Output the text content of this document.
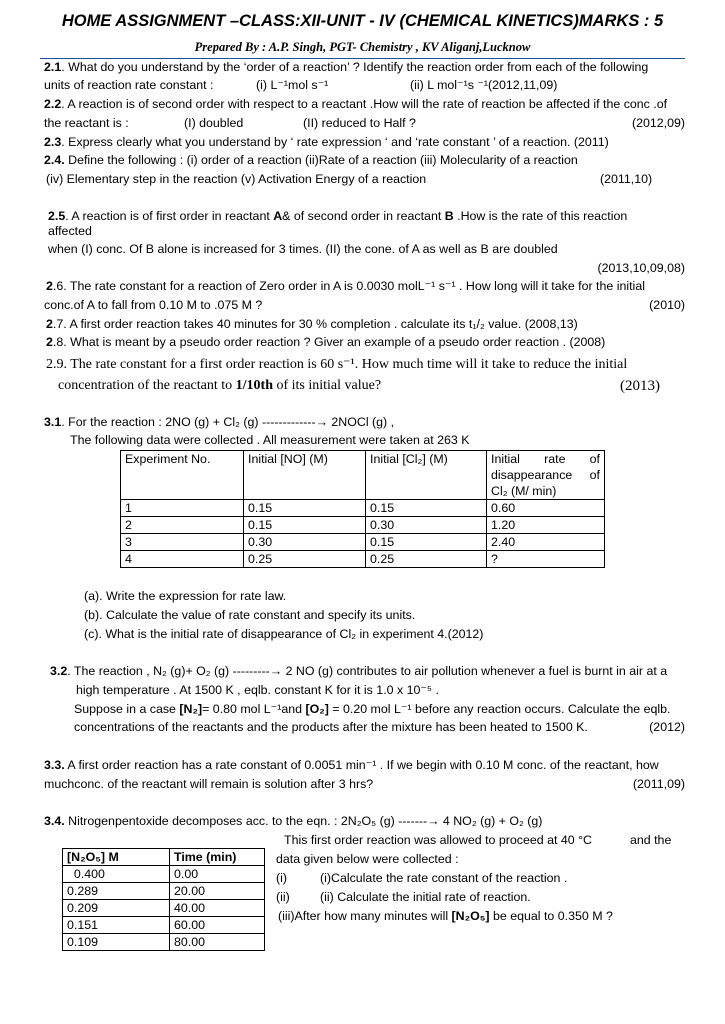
HOME ASSIGNMENT –CLASS:XII-UNIT - IV (CHEMICAL KINETICS)MARKS : 5
Prepared By : A.P. Singh, PGT- Chemistry , KV Aliganj,Lucknow
2.1. What do you understand by the ‘order of a reaction’ ? Identify the reaction order from each of the following
units of reaction rate constant :	(i) L⁻¹mol s⁻¹	(ii) L mol⁻¹s ⁻¹(2012,11,09)
2.2. A reaction is of second order with respect to a reactant .How will the rate of reaction be affected if the conc .of
the reactant is :	(I) doubled	(II) reduced to Half ?	(2012,09)
2.3. Express clearly what you understand by ‘ rate expression ‘ and ‘rate constant ’ of a reaction. (2011)
2.4. Define the following : (i) order of a reaction (ii)Rate of a reaction (iii) Molecularity of a reaction
(iv) Elementary step in the reaction (v) Activation Energy of a reaction	(2011,10)
2.5. A reaction is of first order in reactant A& of second order in reactant B .How is the rate of this reaction
affected
when (I) conc. Of B alone is increased for 3 times. (II) the cone. of A as well as B are doubled
(2013,10,09,08)
2.6. The rate constant for a reaction of Zero order in A is 0.0030 molL⁻¹ s⁻¹ . How long will it take for the initial
conc.of A to fall from 0.10 M to .075 M ?	(2010)
2.7. A first order reaction takes 40 minutes for 30 % completion . calculate its t₁/₂ value. (2008,13)
2.8. What is meant by a pseudo order reaction ? Giver an example of a pseudo order reaction . (2008)
2.9. The rate constant for a first order reaction is 60 s⁻¹. How much time will it take to reduce the initial
concentration of the reactant to 1/10th of its initial value?	(2013)
3.1. For the reaction : 2NO (g) + Cl₂ (g) -------------→ 2NOCl (g) ,
The following data were collected . All measurement were taken at 263 K
Experiment No.	Initial [NO] (M)	Initial [Cl₂] (M)	Initial rate of disappearance of Cl₂ (M/ min)
1	0.15	0.15	0.60
2	0.15	0.30	1.20
3	0.30	0.15	2.40
4	0.25	0.25	?
(a). Write the expression for rate law.
(b). Calculate the value of rate constant and specify its units.
(c). What is the initial rate of disappearance of Cl₂ in experiment 4.(2012)
3.2. The reaction , N₂ (g)+ O₂ (g) ---------→ 2 NO (g) contributes to air pollution whenever a fuel is burnt in air at a
high temperature . At 1500 K , eqlb. constant K for it is 1.0 x 10⁻⁵ .
Suppose in a case [N₂]= 0.80 mol L⁻¹and [O₂] = 0.20 mol L⁻¹ before any reaction occurs. Calculate the eqlb.
concentrations of the reactants and the products after the mixture has been heated to 1500 K.	(2012)
3.3. A first order reaction has a rate constant of 0.0051 min⁻¹ . If we begin with 0.10 M conc. of the reactant, how
muchconc. of the reactant will remain is solution after 3 hrs?	(2011,09)
3.4. Nitrogenpentoxide decomposes acc. to the eqn. : 2N₂O₅ (g) -------→ 4 NO₂ (g) + O₂ (g)
This first order reaction was allowed to proceed at 40 °C	and the
data given below were collected :
(i)	(i)Calculate the rate constant of the reaction .
(ii) (ii) Calculate the initial rate of reaction.
(iii)After how many minutes will [N₂O₅] be equal to 0.350 M ?
[N₂O₅] M	Time (min)
0.400	0.00
0.289	20.00
0.209	40.00
0.151	60.00
0.109	80.00
